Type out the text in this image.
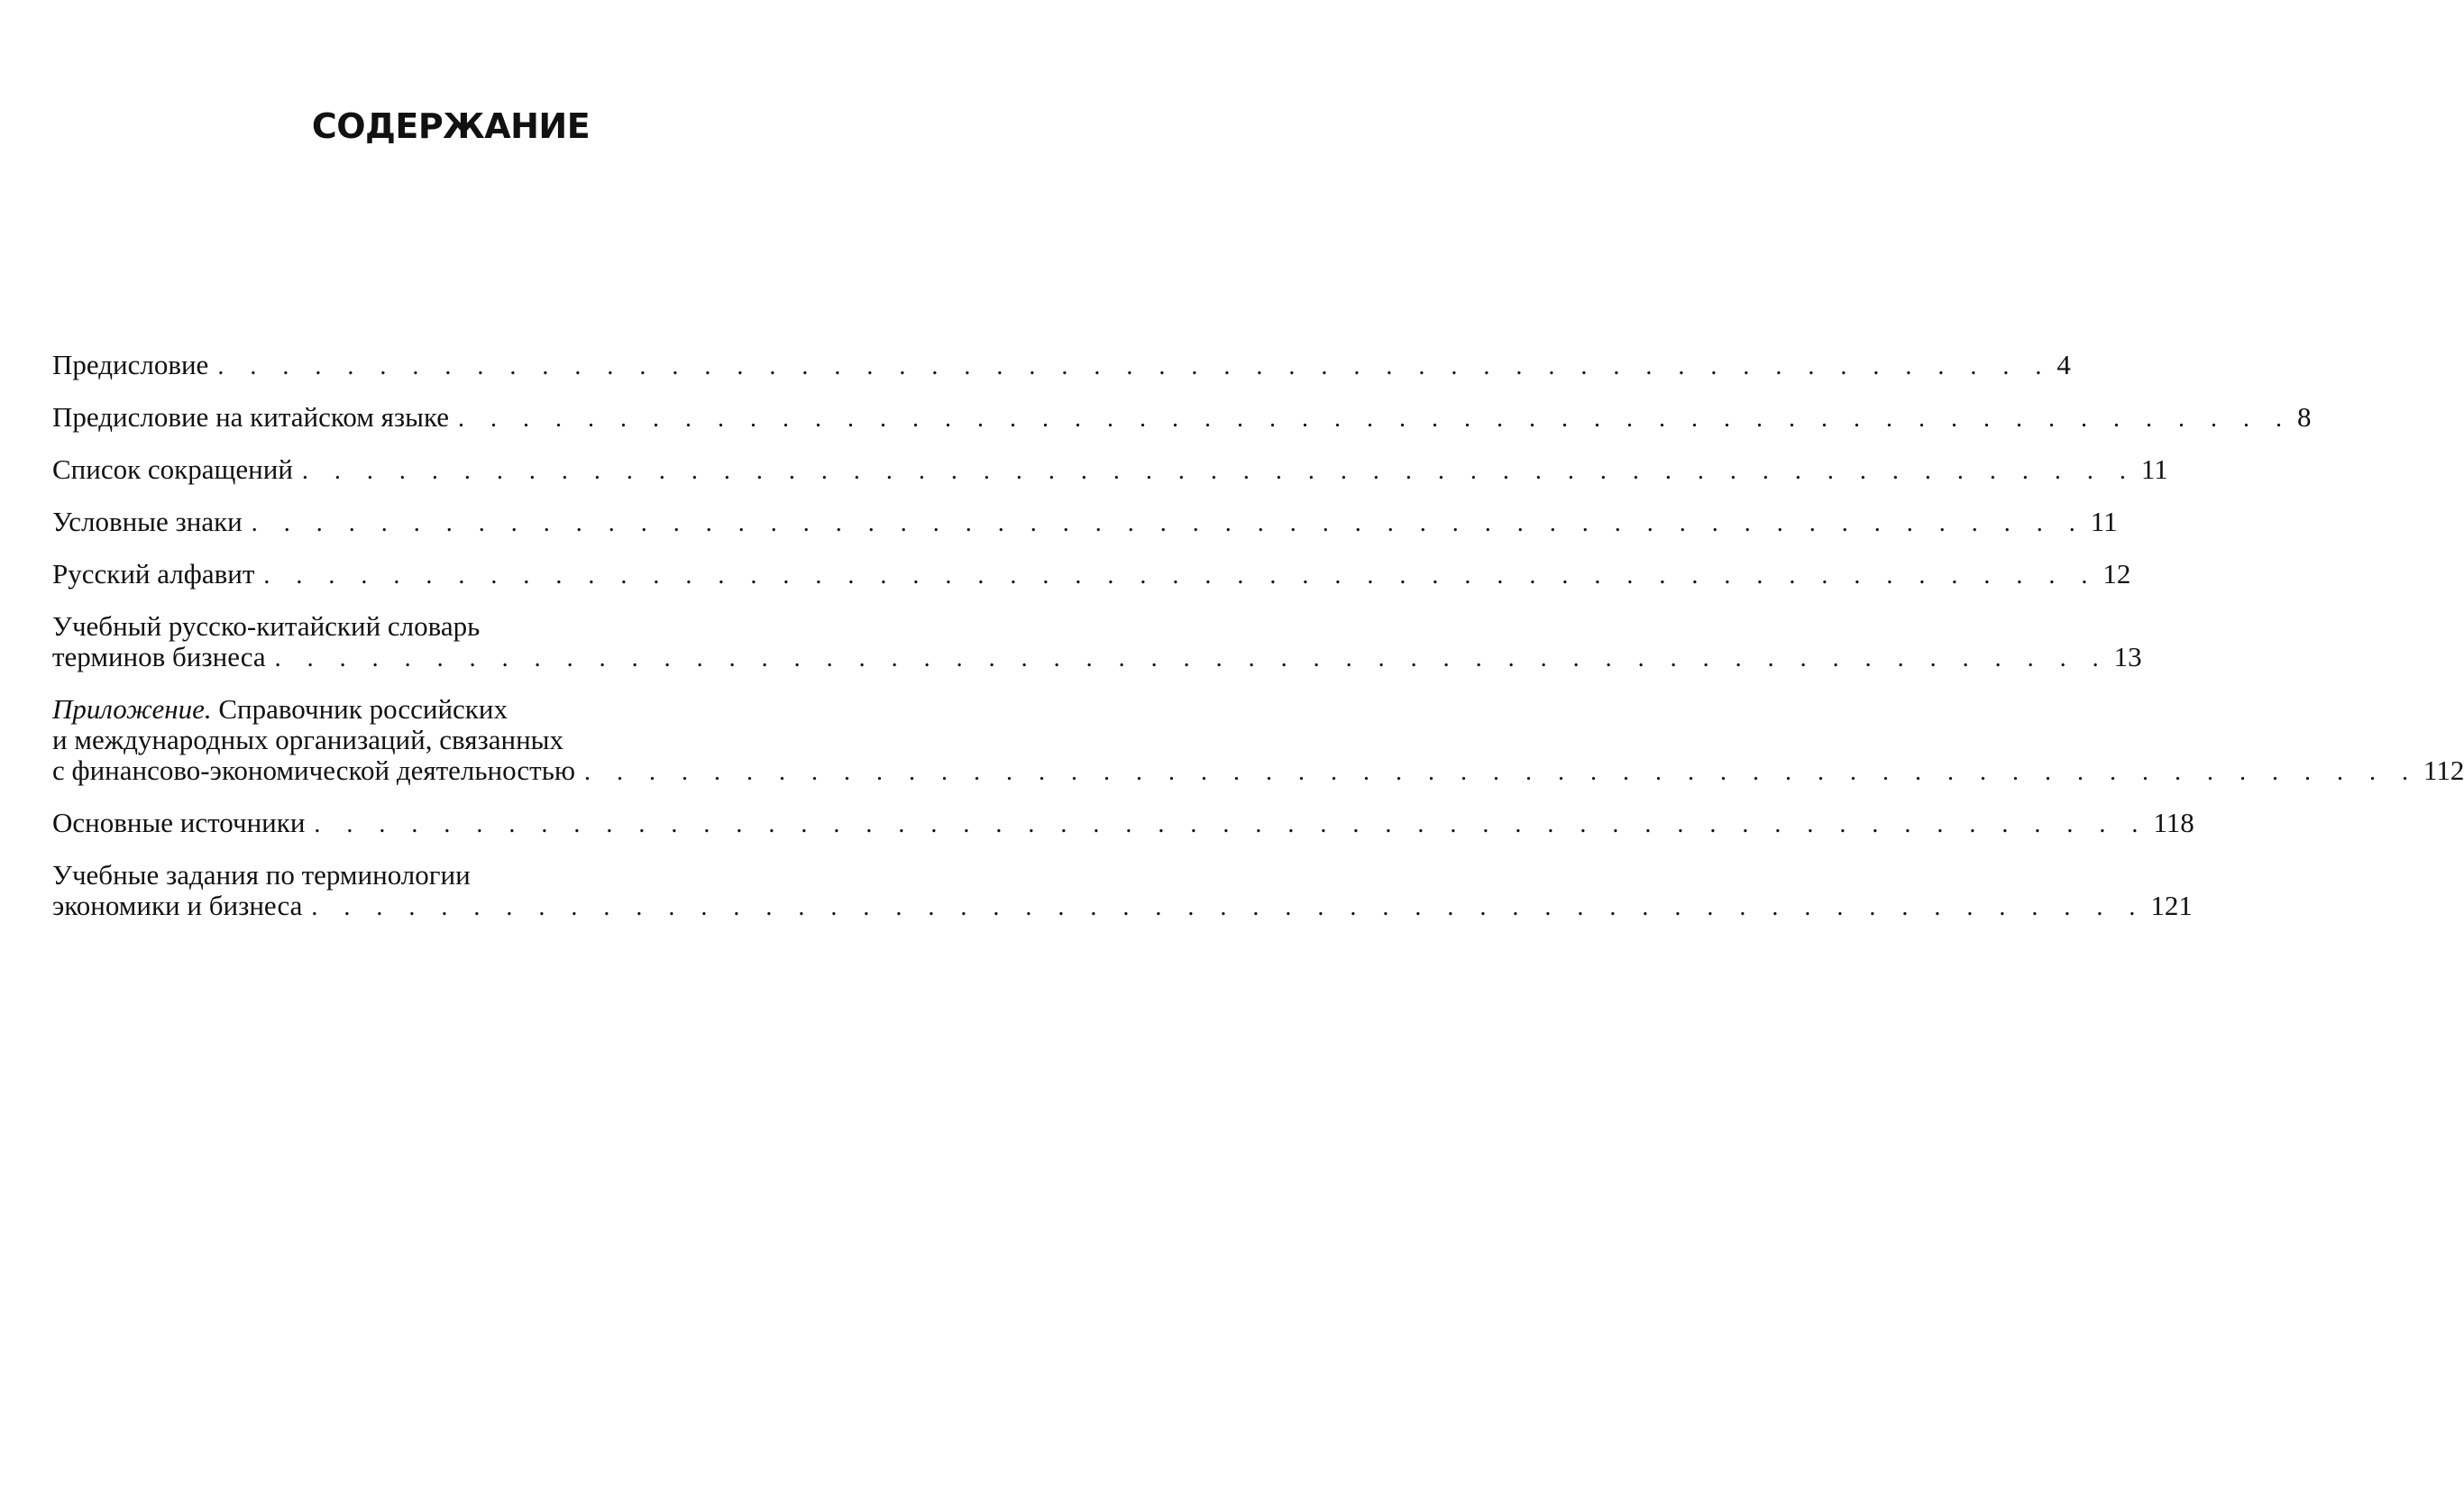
СОДЕРЖАНИЕ
Предисловие . . . . . . . . . . . . . . . . . . . . . . . . . . . . . . . . . . . . . . . . . . . . . . . . . . . . . . . . . 4
Предисловие на китайском языке . . . . . . . . . . . . . . . . . . . . . . . . . . . . . . . . . . . . . . . . . . . . . . . . . . . . . . . . . 8
Список сокращений . . . . . . . . . . . . . . . . . . . . . . . . . . . . . . . . . . . . . . . . . . . . . . . . . . . . . . . . . 11
Условные знаки . . . . . . . . . . . . . . . . . . . . . . . . . . . . . . . . . . . . . . . . . . . . . . . . . . . . . . . . . 11
Русский алфавит . . . . . . . . . . . . . . . . . . . . . . . . . . . . . . . . . . . . . . . . . . . . . . . . . . . . . . . . . 12
Учебный русско-китайский словарь
терминов бизнеса . . . . . . . . . . . . . . . . . . . . . . . . . . . . . . . . . . . . . . . . . . . . . . . . . . . . . . . . . 13
Приложение. Справочник российских
и международных организаций, связанных
с финансово-экономической деятельностью . . . . . . . . . . . . . . . . . . . . . . . . . . . . . . . . . . . . . . . . . . . . . . . . . . . . . . . . . 112
Основные источники . . . . . . . . . . . . . . . . . . . . . . . . . . . . . . . . . . . . . . . . . . . . . . . . . . . . . . . . . 118
Учебные задания по терминологии
экономики и бизнеса . . . . . . . . . . . . . . . . . . . . . . . . . . . . . . . . . . . . . . . . . . . . . . . . . . . . . . . . . 121
